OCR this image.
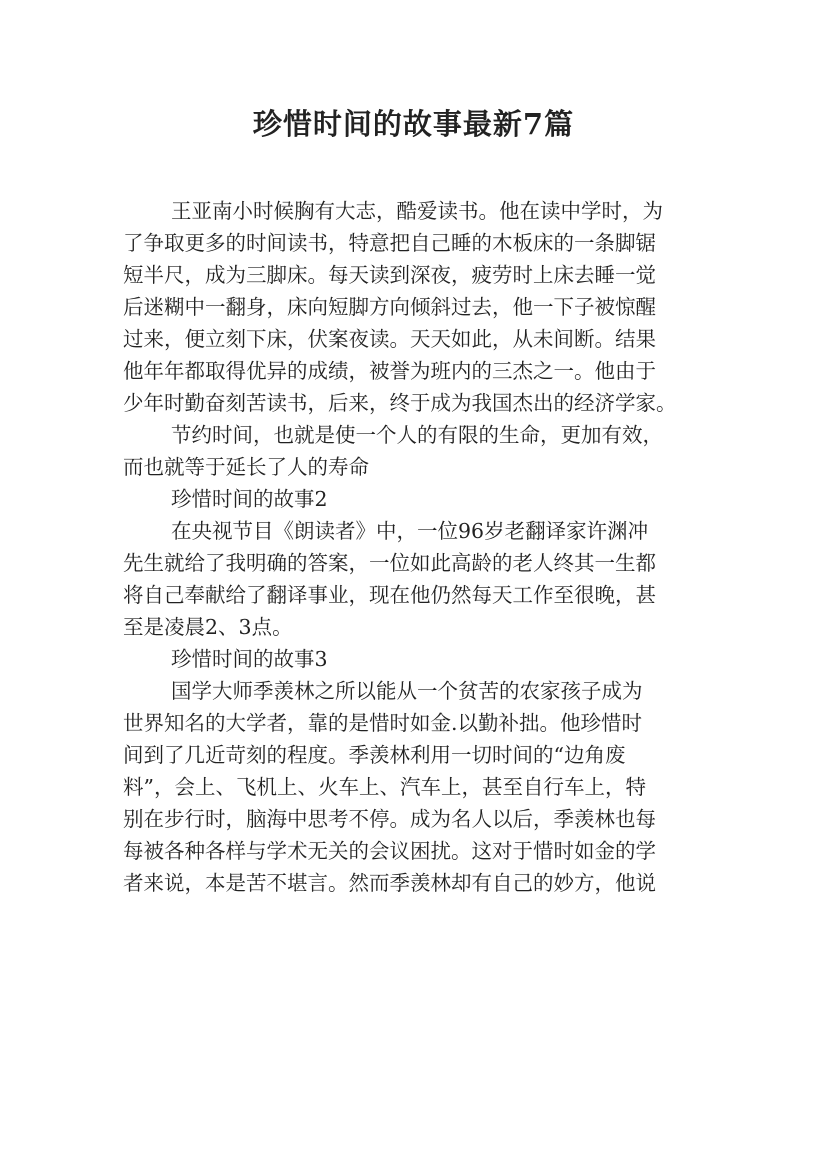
珍惜时间的故事最新7篇

王亚南小时候胸有大志，酷爱读书。他在读中学时，为

了争取更多的时间读书，特意把自己睡的木板床的一条脚锯

短半尺，成为三脚床。每天读到深夜，疲劳时上床去睡一觉

后迷糊中一翻身，床向短脚方向倾斜过去，他一下子被惊醒

过来，便立刻下床，伏案夜读。天天如此，从未间断。结果

他年年都取得优异的成绩，被誉为班内的三杰之一。他由于

少年时勤奋刻苦读书，后来，终于成为我国杰出的经济学家。

节约时间，也就是使一个人的有限的生命，更加有效，

而也就等于延长了人的寿命

珍惜时间的故事2

在央视节目《朗读者》中，一位96岁老翻译家许渊冲

先生就给了我明确的答案，一位如此高龄的老人终其一生都

将自己奉献给了翻译事业，现在他仍然每天工作至很晚，甚

至是凌晨2、3点。

珍惜时间的故事3

国学大师季羡林之所以能从一个贫苦的农家孩子成为

世界知名的大学者，靠的是惜时如金.以勤补拙。他珍惜时

间到了几近苛刻的程度。季羡林利用一切时间的“边角废

料”，会上、飞机上、火车上、汽车上，甚至自行车上，特

别在步行时，脑海中思考不停。成为名人以后，季羡林也每

每被各种各样与学术无关的会议困扰。这对于惜时如金的学

者来说，本是苦不堪言。然而季羡林却有自己的妙方，他说
